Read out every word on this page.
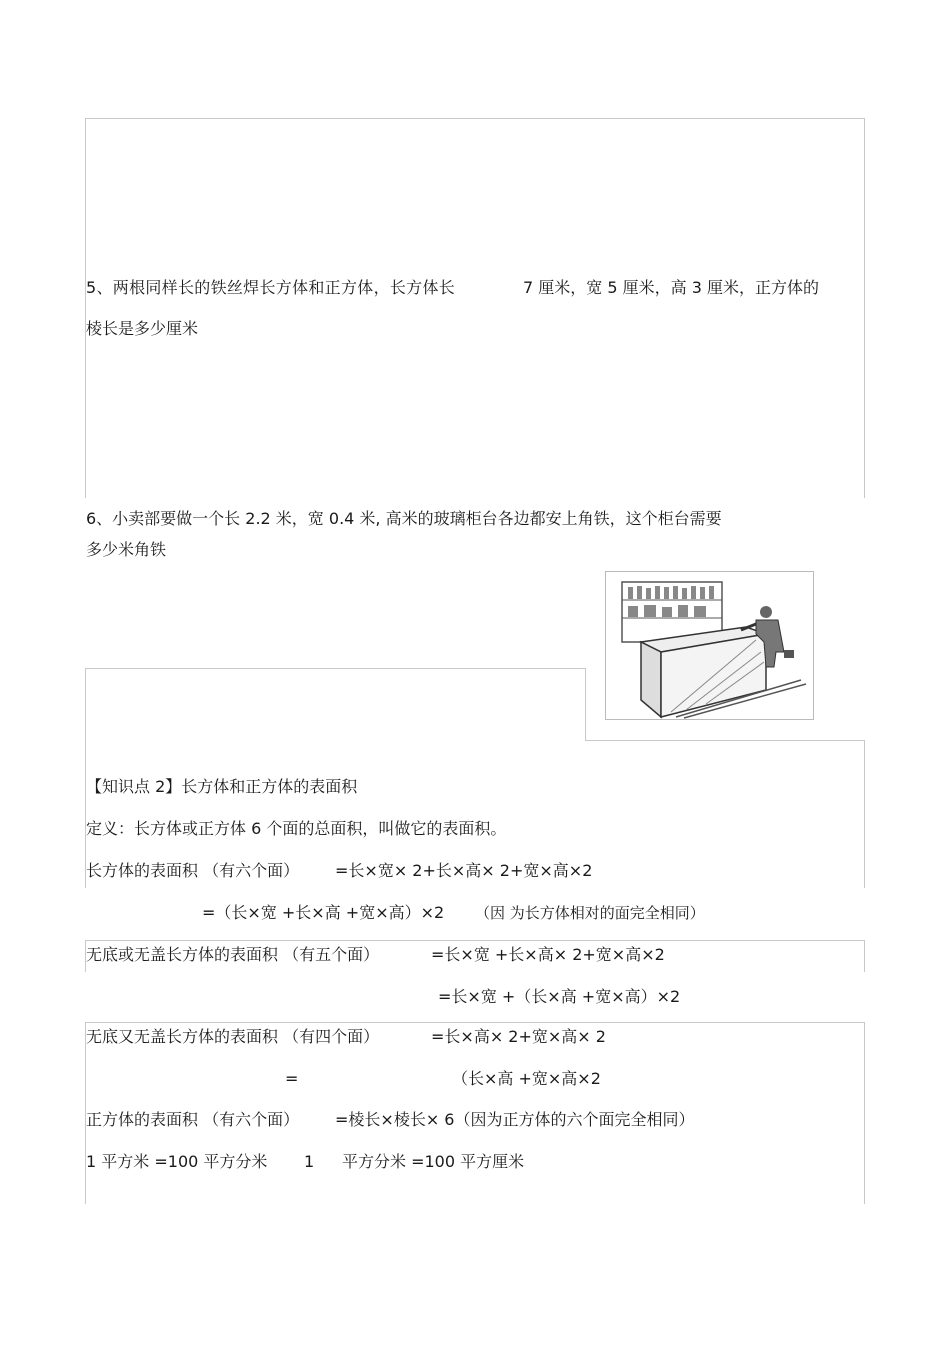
5、两根同样长的铁丝焊长方体和正方体，长方体长	7 厘米，宽 5 厘米，高 3 厘米，正方体的
棱长是多少厘米
6、小卖部要做一个长 2.2 米，宽 0.4 米, 高米的玻璃柜台各边都安上角铁，这个柜台需要
多少米角铁
【知识点 2】长方体和正方体的表面积
定义：长方体或正方体 6 个面的总面积，叫做它的表面积。
长方体的表面积 （有六个面） =长×宽× 2+长×高× 2+宽×高×2
=（长×宽 +长×高 +宽×高）×2 （因 为长方体相对的面完全相同）
无底或无盖长方体的表面积 （有五个面）	=长×宽 +长×高× 2+宽×高×2
=长×宽 +（长×高 +宽×高）×2
无底又无盖长方体的表面积 （有四个面）	=长×高× 2+宽×高× 2
=	（长×高 +宽×高×2
正方体的表面积 （有六个面） =棱长×棱长× 6（因为正方体的六个面完全相同）
1 平方米 =100 平方分米 1 平方分米 =100 平方厘米
